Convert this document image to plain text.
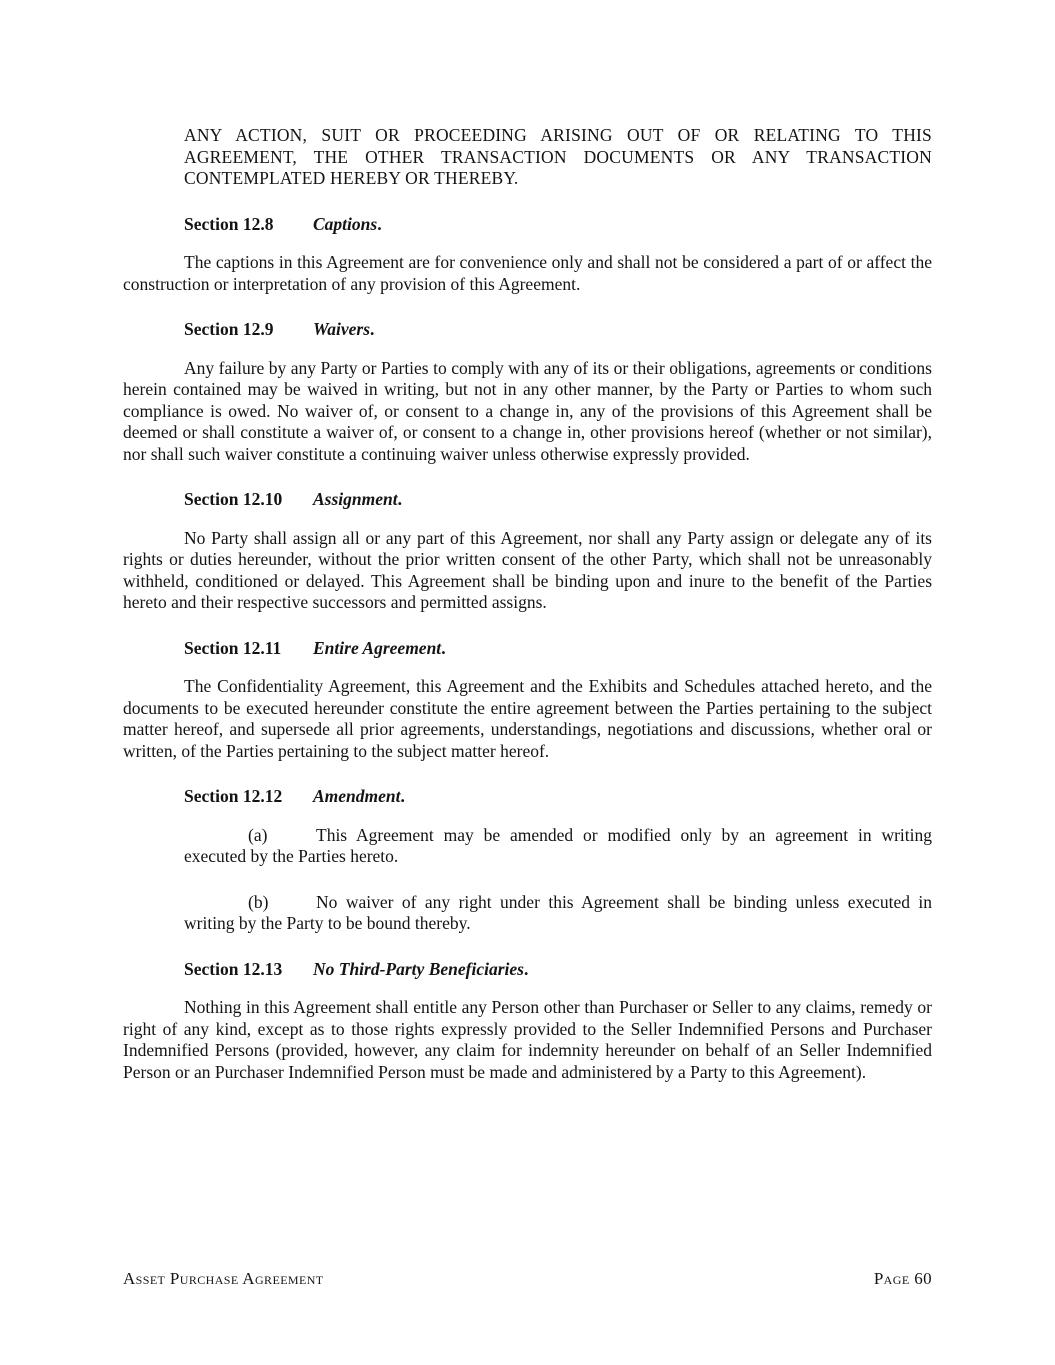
ANY ACTION, SUIT OR PROCEEDING ARISING OUT OF OR RELATING TO THIS AGREEMENT, THE OTHER TRANSACTION DOCUMENTS OR ANY TRANSACTION CONTEMPLATED HEREBY OR THEREBY.

Section 12.8 Captions.

The captions in this Agreement are for convenience only and shall not be considered a part of or affect the construction or interpretation of any provision of this Agreement.

Section 12.9 Waivers.

Any failure by any Party or Parties to comply with any of its or their obligations, agreements or conditions herein contained may be waived in writing, but not in any other manner, by the Party or Parties to whom such compliance is owed. No waiver of, or consent to a change in, any of the provisions of this Agreement shall be deemed or shall constitute a waiver of, or consent to a change in, other provisions hereof (whether or not similar), nor shall such waiver constitute a continuing waiver unless otherwise expressly provided.

Section 12.10 Assignment.

No Party shall assign all or any part of this Agreement, nor shall any Party assign or delegate any of its rights or duties hereunder, without the prior written consent of the other Party, which shall not be unreasonably withheld, conditioned or delayed. This Agreement shall be binding upon and inure to the benefit of the Parties hereto and their respective successors and permitted assigns.

Section 12.11 Entire Agreement.

The Confidentiality Agreement, this Agreement and the Exhibits and Schedules attached hereto, and the documents to be executed hereunder constitute the entire agreement between the Parties pertaining to the subject matter hereof, and supersede all prior agreements, understandings, negotiations and discussions, whether oral or written, of the Parties pertaining to the subject matter hereof.

Section 12.12 Amendment.

(a)	This Agreement may be amended or modified only by an agreement in writing executed by the Parties hereto.

(b)	No waiver of any right under this Agreement shall be binding unless executed in writing by the Party to be bound thereby.

Section 12.13 No Third-Party Beneficiaries.

Nothing in this Agreement shall entitle any Person other than Purchaser or Seller to any claims, remedy or right of any kind, except as to those rights expressly provided to the Seller Indemnified Persons and Purchaser Indemnified Persons (provided, however, any claim for indemnity hereunder on behalf of an Seller Indemnified Person or an Purchaser Indemnified Person must be made and administered by a Party to this Agreement).

Asset Purchase Agreement	Page 60
